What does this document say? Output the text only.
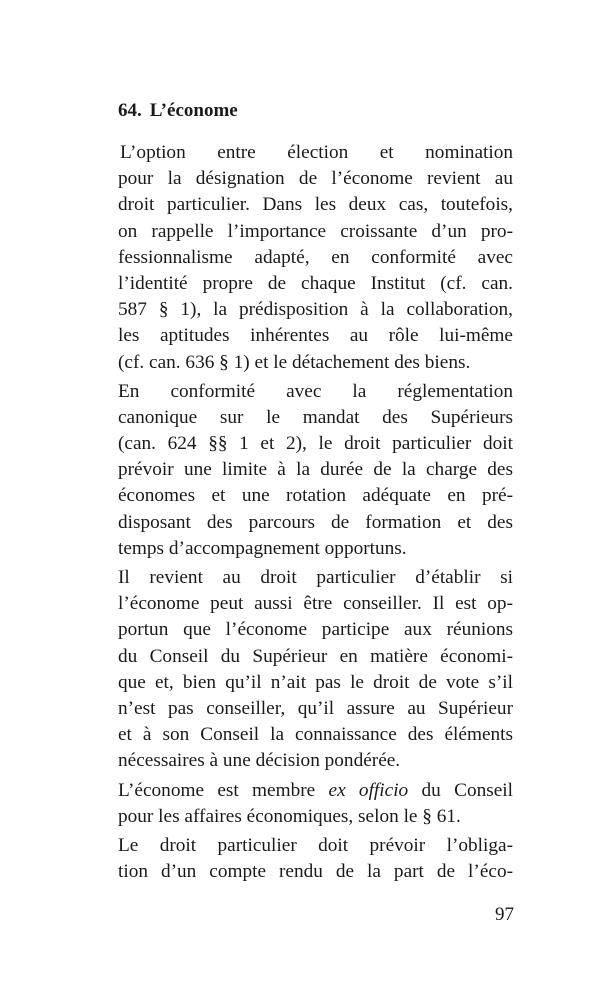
64. L’économe
L’option entre élection et nomination
pour la désignation de l’économe revient au
droit particulier. Dans les deux cas, toutefois,
on rappelle l’importance croissante d’un pro-
fessionnalisme adapté, en conformité avec
l’identité propre de chaque Institut (cf. can.
587 § 1), la prédisposition à la collaboration,
les aptitudes inhérentes au rôle lui-même
(cf. can. 636 § 1) et le détachement des biens.
En conformité avec la réglementation
canonique sur le mandat des Supérieurs
(can. 624 §§ 1 et 2), le droit particulier doit
prévoir une limite à la durée de la charge des
économes et une rotation adéquate en pré-
disposant des parcours de formation et des
temps d’accompagnement opportuns.
Il revient au droit particulier d’établir si
l’économe peut aussi être conseiller. Il est op-
portun que l’économe participe aux réunions
du Conseil du Supérieur en matière économi-
que et, bien qu’il n’ait pas le droit de vote s’il
n’est pas conseiller, qu’il assure au Supérieur
et à son Conseil la connaissance des éléments
nécessaires à une décision pondérée.
L’économe est membre ex officio du Conseil
pour les affaires économiques, selon le § 61.
Le droit particulier doit prévoir l’obliga-
tion d’un compte rendu de la part de l’éco-
97
